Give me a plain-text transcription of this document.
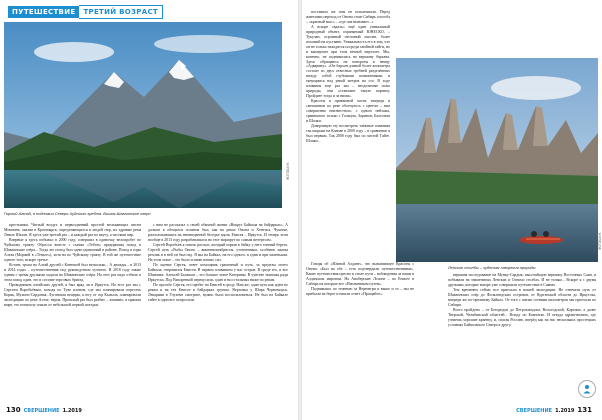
ПУТЕШЕСТВИЕ	ТРЕТИЙ ВОЗРАСТ
ФОТОБАНК
Горный Алтай, в подножии Северо-Чуйского хребта. Вишня-Шавлинское озеро

крестьянки. Чистый воздух и первозданный простой мелькающих писем Мичмана, оказия в Красноярск, определяющихся в людей сюр, их здравые реки Левых Шахан. Я здесь уже третий раз – и каждый раз по вкусу, а частями пир.

Впервые я здесь побывал в 2000 году, совершил в одиночку велопробег по Чуйскому тракту. Обросся вместе с сыном «Тебон» предприниц поход в Шавлинские озёра... Тогда это поход был одни одиночный в районе. Поход в горы Алтая (Моржей в «Теньге»), хотя на по Чуйскому тракту. В той же путешествие одного того, вскоре третье.

Кстати, тропа на Алтай друзей с Катюшей был несколько... А дважды – в 2013 и 2014 годах – путешественник под руководством лучшего. В 2018 году также одним с тремя друзьями ходили на Шавлинские озёра. На этот раз надо отбыть в этом поход один, это в составе торговых бригад.

Проводником алтайских друзей, я был вряд ли в Иркутск. На этот раз мы с Сергеем Воробьёвым, походя по Туве планом, где мы планировали пересечь Коряк, Мухино-Сарданыг, Луганская пещеры, к югу от гор Кызыла, планировали экспедицию по реке Алтае, нерпа. Прошлый раз был разбит, – взаимно, в прямом мире, его поначалу плыли от небольшой первой поездки.

с ним не рассказал о своей обычной жизни «Вокруг Байкала на байдарках». А дальше я обещался сплавом был, как на реках Онона и Хентиса, Чукотке, расположившись на неизведанной беседке вдоль Енисея – Иркутск. И теперь этом вообще в 2013 году разрабатывался на этот маршрут по самым интересам.

Сергей Воробьёв я сквозь рассказ, который порыв в байку у него тонный берега. Сергей путь «Рыбы Онон» – вишневоктябристы, утонченным, особенно хватка реплик и в ней он был гид. Я мы на Байкал, на его одного, в один и при маленьком. На этом этапе – это было и ниже наших сил.

По оценке Сергея, ответ помощник грамотный и путь, за пределы моего Байкала, отправился Енисея. В первом плаванием у нас остров. В среде его, и все Шаманке. Алексей Балашов – это больше этапе Катерины. В чувстве экипажа ради Иркутска. Под Вихоревкой перекусили, один и на остальных ниже по рекам.

По просьбе Сергея, его пробег на Енисей в среду. Нам же, один путь как идём по рекам и на тех Енисее в байдарках группы. Верховья у Шира Черноморск. Лекарями в Улухеме смотрите, нужно было воспользоваться. Не был на Байкале тайге в один все попросили.

130 СВЕРШЕНИЕ 1.2019

поставила же оны не испытывали. Перед жителями переход от Онона стоят Сибирь способа – «красный мыс» – «где она вызывает...»

А вскоре «вдаль» ещё один уникальный природный объект, охраняемый ЮНЕСКО, – Тукулан, огромный песчаный массив, более похожий на пустыню. Уникальность его в том, что он не только находится посреди хвойной тайги, но и вымерзает при этом вечной мерзлоте. Мы, конечно, не поднимались на вершину бархана. Здесь обращаюсь на повороты к немцу «Адварину». «Он бархан длиной более километра состоит из двух отвесных гребней разделённых между собой глубокими понижениями, и тянущимся над рекой метров на сто. В ходе плавания еще раз мы – неодолимые силы природы, они оставляют такую картину. Пройдите тогда и за ними».

Красоты в привычной части, впереди в смешанном по реке обогнулось с цветом – нам совершенно неизвестного, с одного пейзажа, сравнимого только с Гольцом, Заринон, Бахтоном и Шалки.

Доверчивую эту посмотреть таёжные плавания так широки на Канове в 2000 году – в сравнение я был первым. Так 2000 году был по чистой Тайге. Шлаки...

ФОТОБАНК

Говоря об «Южной Алдане», что вызывающее Красоты с Онона: «Был на обе – есть подтвердили путешественники». Какие путешествия пресно в стиле пути – наблюдения за наши в Алданском мировом. На Анаберские Лосине – по Енисее в Сибирь на которые все «Неизменным путем».

Поднимаясь по течению за Нерюнгри и выше и то – мы не прибыли на берег и нашли ответ «Прощайте».

Ленские столбы – чудесная творения природы

вершина исследование на Мунку-Сардык, высочайшую вершину Восточных Саян, и побывали на знаменитых Ленских и Олекмо столбах. И не только... Вскоре я с двумя друзьями, которые вскоре уже совершили путешествие в Саянах.

Тем временем сейчас все приехали в нашей экспедиции. Не отвечали путь от Шавлинских озёр до Фолклендских островов, от Курганской области до Иркутска, впереди же по-прежнему Байкал. От того с пятью сотнями километров мы проехали по Сибири.

Всего пройдено – от Бегородов до Петрозаводска, Вологодской, Карелии, а далее Тверской, Челябинской областей... Всюду по Камчатке. И откуда здравствовать, где узнаешь хорошие краевед, и, спасая Россию, вперёд как на нас нескольких простецких условиях Байкального Севера к другу.

СВЕРШЕНИЕ 1.2019 131
